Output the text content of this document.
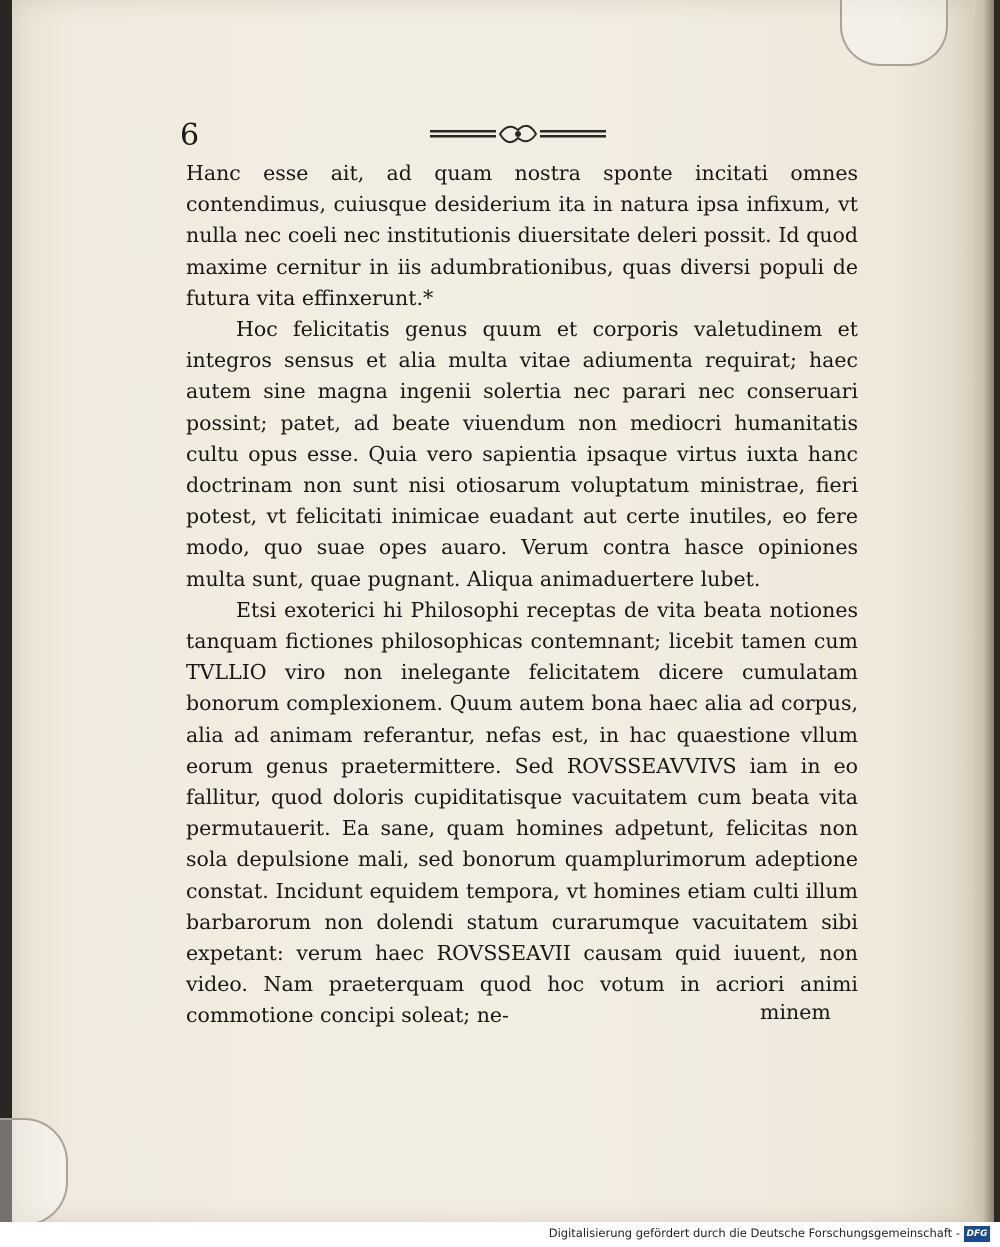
6

Hanc esse ait, ad quam nostra sponte incitati omnes contendimus, cuiusque desiderium ita in natura ipsa infixum, vt nulla nec coeli nec institutionis diuersitate deleri possit. Id quod maxime cernitur in iis adumbrationibus, quas diversi populi de futura vita effinxerunt.*

Hoc felicitatis genus quum et corporis valetudinem et integros sensus et alia multa vitae adiumenta requirat; haec autem sine magna ingenii solertia nec parari nec conseruari possint; patet, ad beate viuendum non mediocri humanitatis cultu opus esse. Quia vero sapientia ipsaque virtus iuxta hanc doctrinam non sunt nisi otiosarum voluptatum ministrae, fieri potest, vt felicitati inimicae euadant aut certe inutiles, eo fere modo, quo suae opes auaro. Verum contra hasce opiniones multa sunt, quae pugnant. Aliqua animaduertere lubet.

Etsi exoterici hi Philosophi receptas de vita beata notiones tanquam fictiones philosophicas contemnant; licebit tamen cum TVLLIO viro non inelegante felicitatem dicere cumulatam bonorum complexionem. Quum autem bona haec alia ad corpus, alia ad animam referantur, nefas est, in hac quaestione vllum eorum genus praetermittere. Sed ROVSSEAVVIVS iam in eo fallitur, quod doloris cupiditatisque vacuitatem cum beata vita permutauerit. Ea sane, quam homines adpetunt, felicitas non sola depulsione mali, sed bonorum quamplurimorum adeptione constat. Incidunt equidem tempora, vt homines etiam culti illum barbarorum non dolendi statum curarumque vacuitatem sibi expetant: verum haec ROVSSEAVII causam quid iuuent, non video. Nam praeterquam quod hoc votum in acriori animi commotione concipi soleat; ne-	minem
Digitalisierung gefördert durch die Deutsche Forschungsgemeinschaft - DFG
